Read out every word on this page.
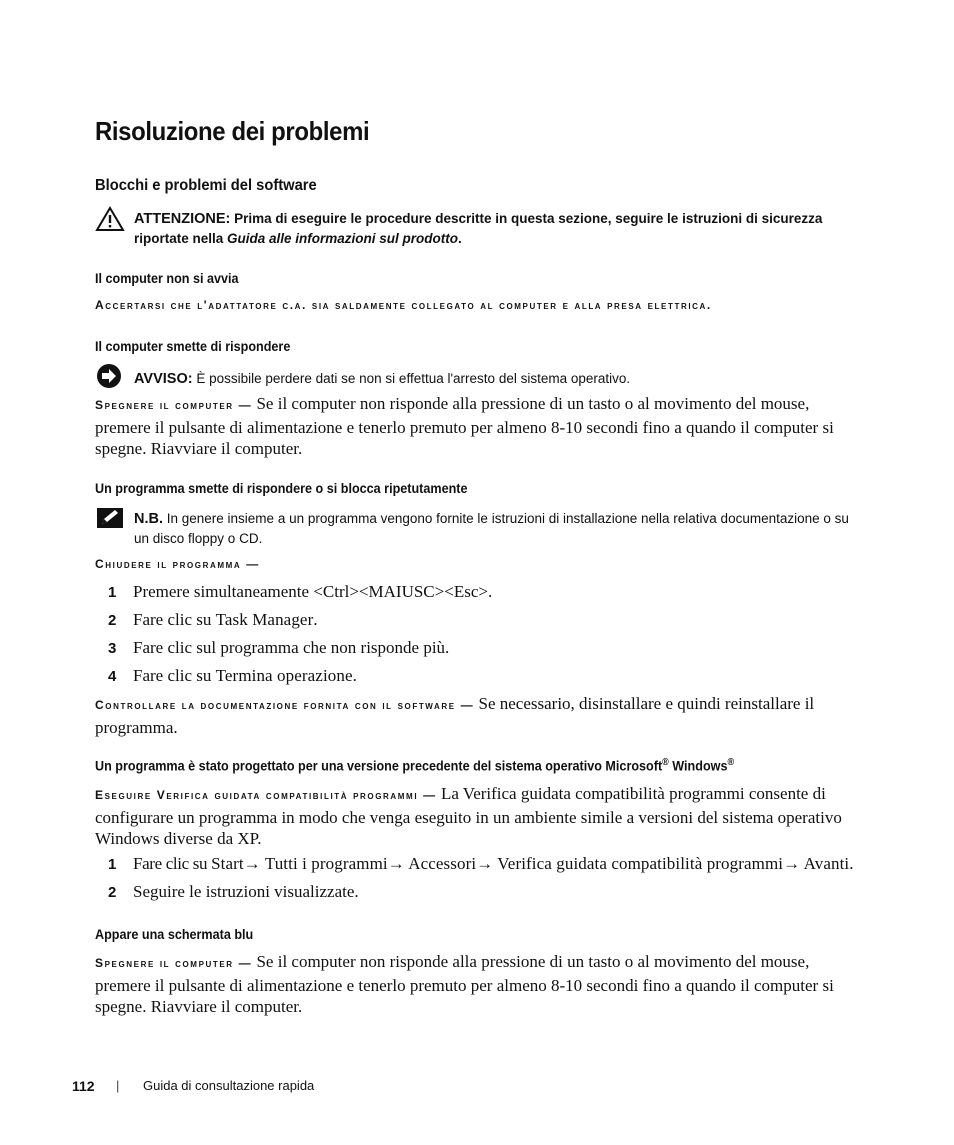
Risoluzione dei problemi
Blocchi e problemi del software
ATTENZIONE: Prima di eseguire le procedure descritte in questa sezione, seguire le istruzioni di sicurezza riportate nella Guida alle informazioni sul prodotto.
Il computer non si avvia
Accertarsi che l'adattatore c.a. sia saldamente collegato al computer e alla presa elettrica.
Il computer smette di rispondere
AVVISO: È possibile perdere dati se non si effettua l'arresto del sistema operativo.
Spegnere il computer — Se il computer non risponde alla pressione di un tasto o al movimento del mouse, premere il pulsante di alimentazione e tenerlo premuto per almeno 8-10 secondi fino a quando il computer si spegne. Riavviare il computer.
Un programma smette di rispondere o si blocca ripetutamente
N.B. In genere insieme a un programma vengono fornite le istruzioni di installazione nella relativa documentazione o su un disco floppy o CD.
Chiudere il programma —
1 Premere simultaneamente <Ctrl><MAIUSC><Esc>.
2 Fare clic su Task Manager.
3 Fare clic sul programma che non risponde più.
4 Fare clic su Termina operazione.
Controllare la documentazione fornita con il software — Se necessario, disinstallare e quindi reinstallare il programma.
Un programma è stato progettato per una versione precedente del sistema operativo Microsoft® Windows®
Eseguire Verifica guidata compatibilità programmi — La Verifica guidata compatibilità programmi consente di configurare un programma in modo che venga eseguito in un ambiente simile a versioni del sistema operativo Windows diverse da XP.
1 Fare clic su Start→ Tutti i programmi→ Accessori→ Verifica guidata compatibilità programmi→ Avanti.
2 Seguire le istruzioni visualizzate.
Appare una schermata blu
Spegnere il computer — Se il computer non risponde alla pressione di un tasto o al movimento del mouse, premere il pulsante di alimentazione e tenerlo premuto per almeno 8-10 secondi fino a quando il computer si spegne. Riavviare il computer.
112 | Guida di consultazione rapida
